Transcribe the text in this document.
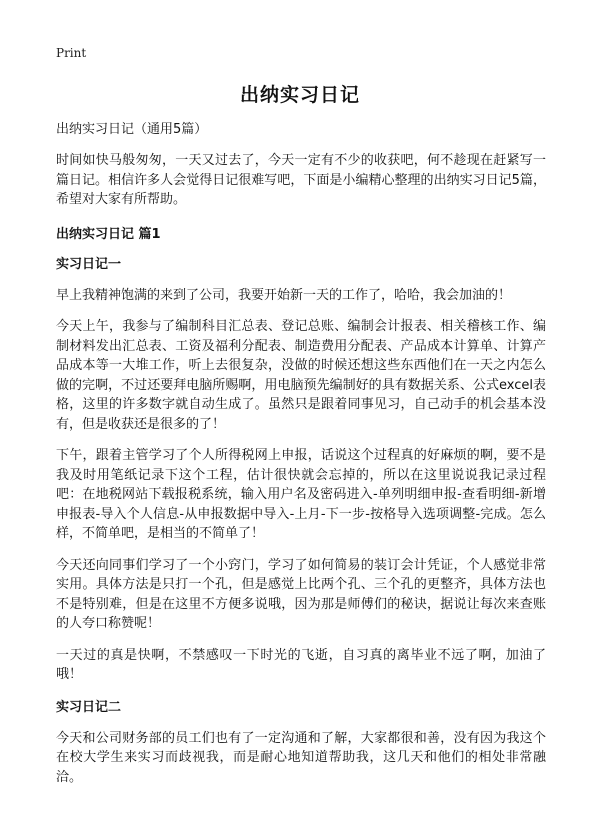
Print
出纳实习日记

出纳实习日记（通用5篇）

时间如快马般匆匆，一天又过去了，今天一定有不少的收获吧，何不趁现在赶紧写一篇日记。相信许多人会觉得日记很难写吧，下面是小编精心整理的出纳实习日记5篇，希望对大家有所帮助。

出纳实习日记 篇1
实习日记一

早上我精神饱满的来到了公司，我要开始新一天的工作了，哈哈，我会加油的！

今天上午，我参与了编制科目汇总表、登记总账、编制会计报表、相关稽核工作、编制材料发出汇总表、工资及福利分配表、制造费用分配表、产品成本计算单、计算产品成本等一大堆工作，听上去很复杂，没做的时候还想这些东西他们在一天之内怎么做的完啊，不过还要拜电脑所赐啊，用电脑预先编制好的具有数据关系、公式excel表格，这里的许多数字就自动生成了。虽然只是跟着同事见习，自己动手的机会基本没有，但是收获还是很多的了！

下午，跟着主管学习了个人所得税网上申报，话说这个过程真的好麻烦的啊，要不是我及时用笔纸记录下这个工程，估计很快就会忘掉的，所以在这里说说我记录过程吧：在地税网站下载报税系统，输入用户名及密码进入-单列明细申报-查看明细-新增申报表-导入个人信息-从申报数据中导入-上月-下一步-按格导入选项调整-完成。怎么样，不简单吧，是相当的不简单了！

今天还向同事们学习了一个小窍门，学习了如何简易的装订会计凭证，个人感觉非常实用。具体方法是只打一个孔，但是感觉上比两个孔、三个孔的更整齐，具体方法也不是特别难，但是在这里不方便多说哦，因为那是师傅们的秘诀，据说让每次来查账的人夸口称赞呢！

一天过的真是快啊，不禁感叹一下时光的飞逝，自习真的离毕业不远了啊，加油了哦！

实习日记二

今天和公司财务部的员工们也有了一定沟通和了解，大家都很和善，没有因为我这个在校大学生来实习而歧视我，而是耐心地知道帮助我，这几天和他们的相处非常融洽。
